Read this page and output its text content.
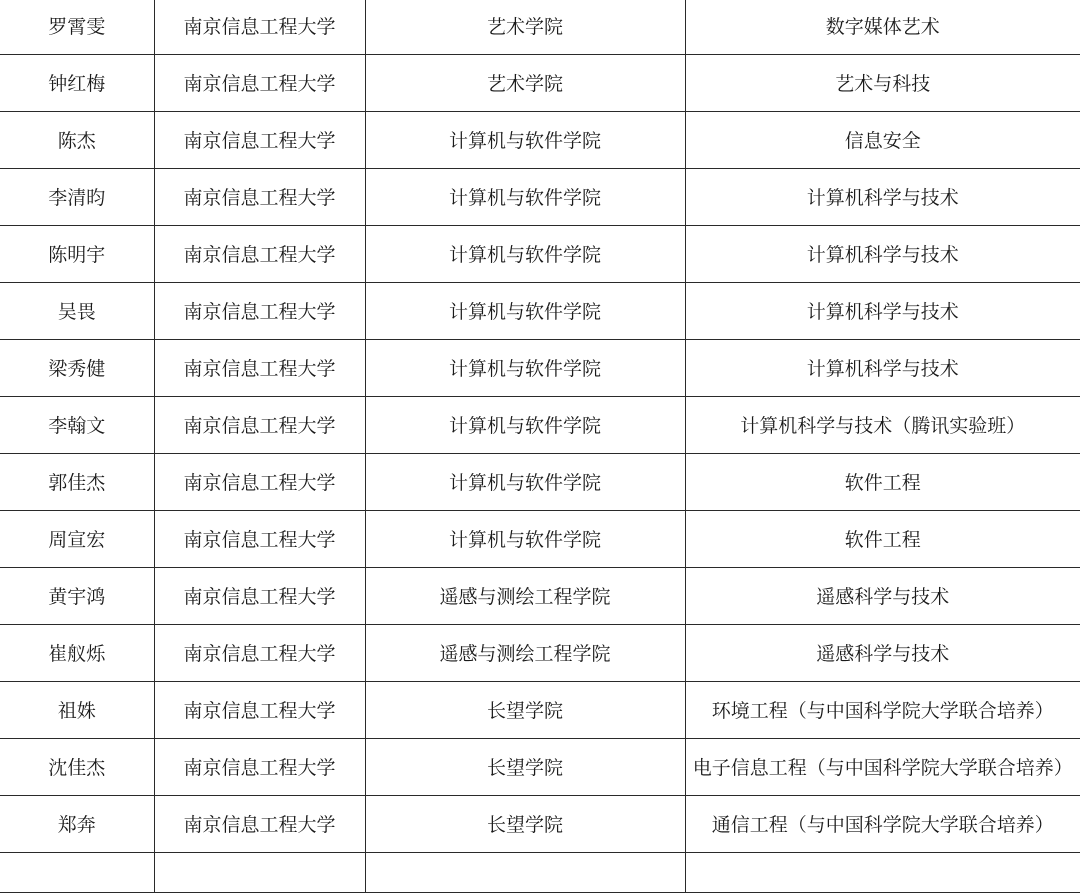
罗霄雯	南京信息工程大学	艺术学院	数字媒体艺术
钟红梅	南京信息工程大学	艺术学院	艺术与科技
陈杰	南京信息工程大学	计算机与软件学院	信息安全
李清昀	南京信息工程大学	计算机与软件学院	计算机科学与技术
陈明宇	南京信息工程大学	计算机与软件学院	计算机科学与技术
吴畏	南京信息工程大学	计算机与软件学院	计算机科学与技术
梁秀健	南京信息工程大学	计算机与软件学院	计算机科学与技术
李翰文	南京信息工程大学	计算机与软件学院	计算机科学与技术（腾讯实验班）
郭佳杰	南京信息工程大学	计算机与软件学院	软件工程
周宣宏	南京信息工程大学	计算机与软件学院	软件工程
黄宇鸿	南京信息工程大学	遥感与测绘工程学院	遥感科学与技术
崔舣烁	南京信息工程大学	遥感与测绘工程学院	遥感科学与技术
祖姝	南京信息工程大学	长望学院	环境工程（与中国科学院大学联合培养）
沈佳杰	南京信息工程大学	长望学院	电子信息工程（与中国科学院大学联合培养）
郑奔	南京信息工程大学	长望学院	通信工程（与中国科学院大学联合培养）
